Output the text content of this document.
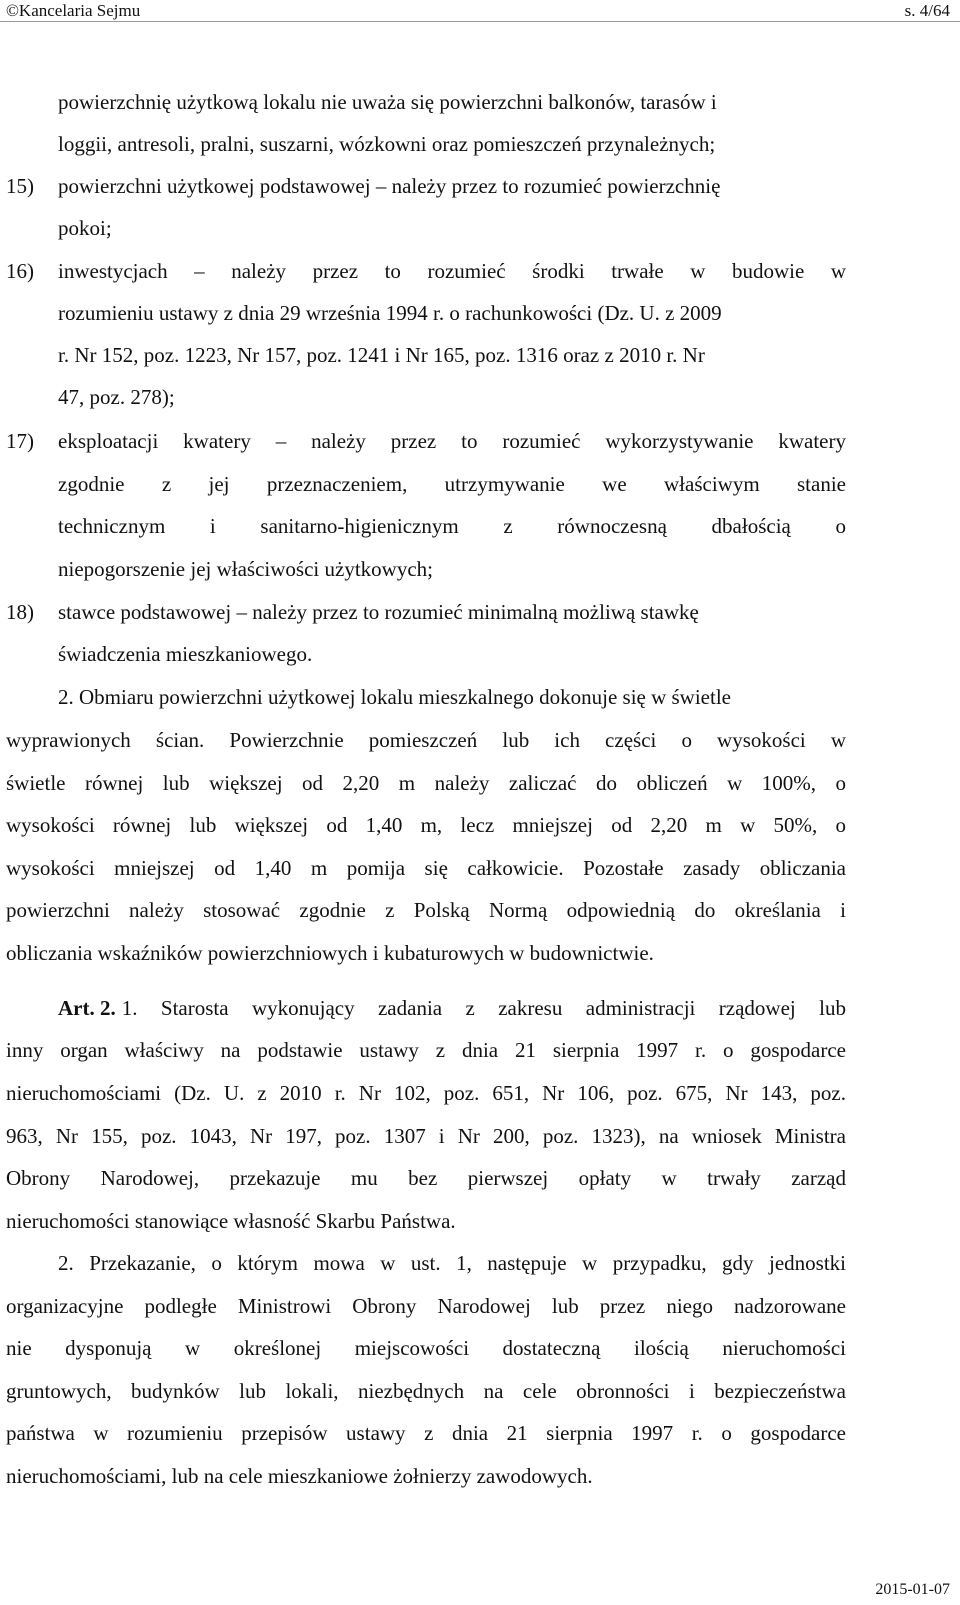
©Kancelaria Sejmu	s. 4/64

powierzchnię użytkową lokalu nie uważa się powierzchni balkonów, tarasów i

loggii, antresoli, pralni, suszarni, wózkowni oraz pomieszczeń przynależnych;

15) powierzchni użytkowej podstawowej – należy przez to rozumieć powierzchnię

pokoi;

16) inwestycjach – należy przez to rozumieć środki trwałe w budowie w

rozumieniu ustawy z dnia 29 września 1994 r. o rachunkowości (Dz. U. z 2009

r. Nr 152, poz. 1223, Nr 157, poz. 1241 i Nr 165, poz. 1316 oraz z 2010 r. Nr

47, poz. 278);

17) eksploatacji kwatery – należy przez to rozumieć wykorzystywanie kwatery

zgodnie z jej przeznaczeniem, utrzymywanie we właściwym stanie

technicznym i sanitarno-higienicznym z równoczesną dbałością o

niepogorszenie jej właściwości użytkowych;

18) stawce podstawowej – należy przez to rozumieć minimalną możliwą stawkę

świadczenia mieszkaniowego.

2. Obmiaru powierzchni użytkowej lokalu mieszkalnego dokonuje się w świetle

wyprawionych ścian. Powierzchnie pomieszczeń lub ich części o wysokości w

świetle równej lub większej od 2,20 m należy zaliczać do obliczeń w 100%, o

wysokości równej lub większej od 1,40 m, lecz mniejszej od 2,20 m w 50%, o

wysokości mniejszej od 1,40 m pomija się całkowicie. Pozostałe zasady obliczania

powierzchni należy stosować zgodnie z Polską Normą odpowiednią do określania i

obliczania wskaźników powierzchniowych i kubaturowych w budownictwie.

Art. 2. 1. Starosta wykonujący zadania z zakresu administracji rządowej lub

inny organ właściwy na podstawie ustawy z dnia 21 sierpnia 1997 r. o gospodarce

nieruchomościami (Dz. U. z 2010 r. Nr 102, poz. 651, Nr 106, poz. 675, Nr 143, poz.

963, Nr 155, poz. 1043, Nr 197, poz. 1307 i Nr 200, poz. 1323), na wniosek Ministra

Obrony Narodowej, przekazuje mu bez pierwszej opłaty w trwały zarząd

nieruchomości stanowiące własność Skarbu Państwa.

2. Przekazanie, o którym mowa w ust. 1, następuje w przypadku, gdy jednostki

organizacyjne podległe Ministrowi Obrony Narodowej lub przez niego nadzorowane

nie dysponują w określonej miejscowości dostateczną ilością nieruchomości

gruntowych, budynków lub lokali, niezbędnych na cele obronności i bezpieczeństwa

państwa w rozumieniu przepisów ustawy z dnia 21 sierpnia 1997 r. o gospodarce

nieruchomościami, lub na cele mieszkaniowe żołnierzy zawodowych.

2015-01-07
